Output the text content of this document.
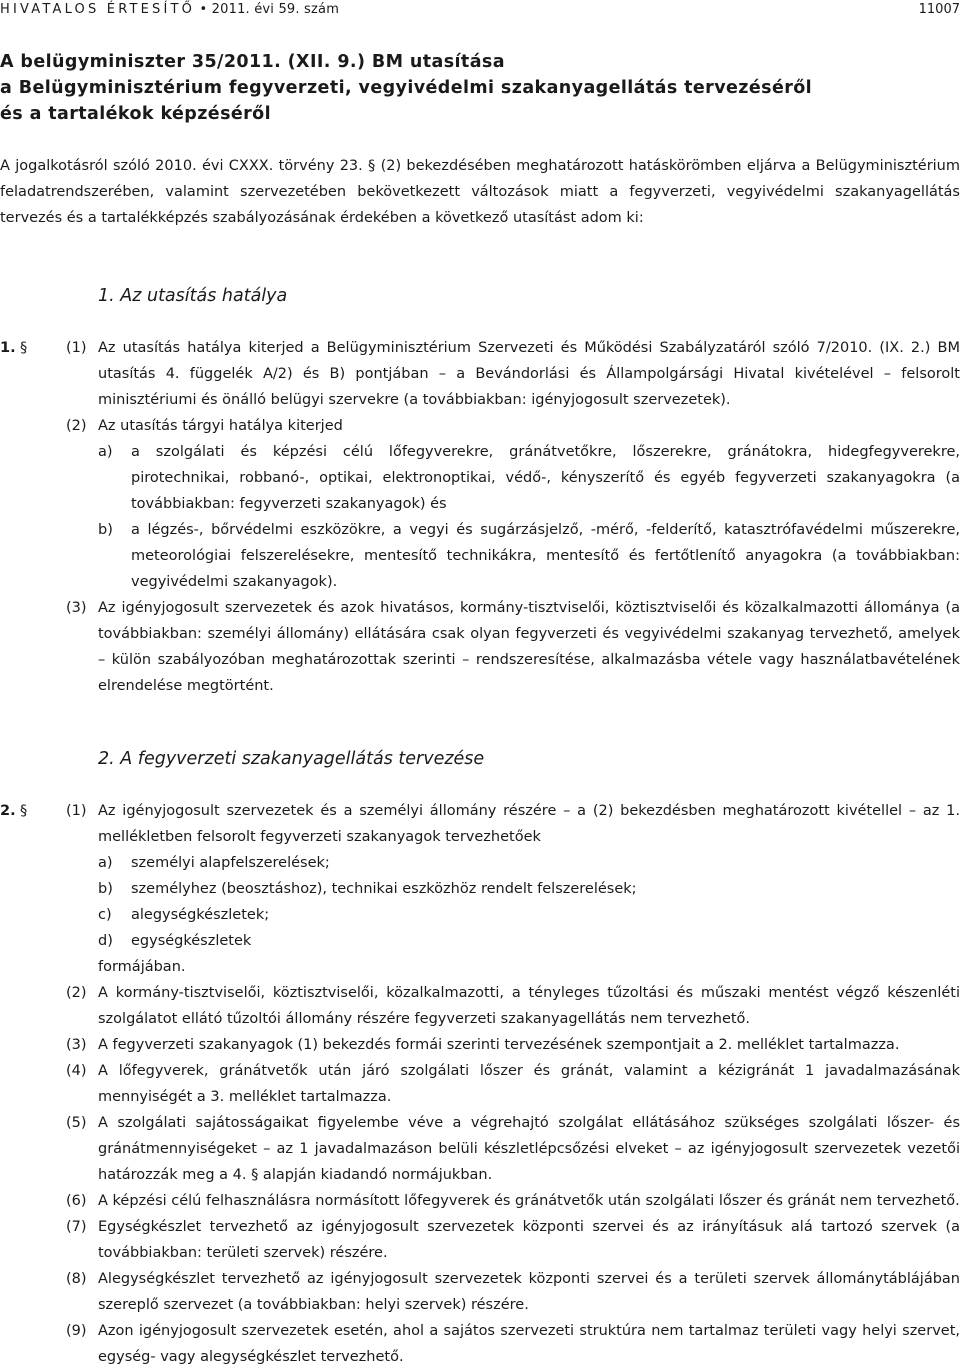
HIVATALOS ÉRTESÍTŐ • 2011. évi 59. szám	11007
A belügyminiszter 35/2011. (XII. 9.) BM utasítása
a Belügyminisztérium fegyverzeti, vegyivédelmi szakanyagellátás tervezéséről
és a tartalékok képzéséről

A jogalkotásról szóló 2010. évi CXXX. törvény 23. § (2) bekezdésében meghatározott hatáskörömben eljárva a Belügyminisztérium feladatrendszerében, valamint szervezetében bekövetkezett változások miatt a fegyverzeti, vegyivédelmi szakanyagellátás tervezés és a tartalékképzés szabályozásának érdekében a következő utasítást adom ki:

1. Az utasítás hatálya
1. §	(1) Az utasítás hatálya kiterjed a Belügyminisztérium Szervezeti és Működési Szabályzatáról szóló 7/2010. (IX. 2.) BM utasítás 4. függelék A/2) és B) pontjában – a Bevándorlási és Állampolgársági Hivatal kivételével – felsorolt minisztériumi és önálló belügyi szervekre (a továbbiakban: igényjogosult szervezetek).
(2) Az utasítás tárgyi hatálya kiterjed
a) a szolgálati és képzési célú lőfegyverekre, gránátvetőkre, lőszerekre, gránátokra, hidegfegyverekre, pirotechnikai, robbanó-, optikai, elektronoptikai, védő-, kényszerítő és egyéb fegyverzeti szakanyagokra (a továbbiakban: fegyverzeti szakanyagok) és
b) a légzés-, bőrvédelmi eszközökre, a vegyi és sugárzásjelző, -mérő, -felderítő, katasztrófavédelmi műszerekre, meteorológiai felszerelésekre, mentesítő technikákra, mentesítő és fertőtlenítő anyagokra (a továbbiakban: vegyivédelmi szakanyagok).
(3) Az igényjogosult szervezetek és azok hivatásos, kormány-tisztviselői, köztisztviselői és közalkalmazotti állománya (a továbbiakban: személyi állomány) ellátására csak olyan fegyverzeti és vegyivédelmi szakanyag tervezhető, amelyek – külön szabályozóban meghatározottak szerinti – rendszeresítése, alkalmazásba vétele vagy használatbavételének elrendelése megtörtént.
2. A fegyverzeti szakanyagellátás tervezése
2. §	(1) Az igényjogosult szervezetek és a személyi állomány részére – a (2) bekezdésben meghatározott kivétellel – az 1. mellékletben felsorolt fegyverzeti szakanyagok tervezhetőek
a) személyi alapfelszerelések;
b) személyhez (beosztáshoz), technikai eszközhöz rendelt felszerelések;
c) alegységkészletek;
d) egységkészletek
formájában.
(2) A kormány-tisztviselői, köztisztviselői, közalkalmazotti, a tényleges tűzoltási és műszaki mentést végző készenléti szolgálatot ellátó tűzoltói állomány részére fegyverzeti szakanyagellátás nem tervezhető.
(3) A fegyverzeti szakanyagok (1) bekezdés formái szerinti tervezésének szempontjait a 2. melléklet tartalmazza.
(4) A lőfegyverek, gránátvetők után járó szolgálati lőszer és gránát, valamint a kézigránát 1 javadalmazásának mennyiségét a 3. melléklet tartalmazza.
(5) A szolgálati sajátosságaikat figyelembe véve a végrehajtó szolgálat ellátásához szükséges szolgálati lőszer- és gránátmennyiségeket – az 1 javadalmazáson belüli készletlépcsőzési elveket – az igényjogosult szervezetek vezetői határozzák meg a 4. § alapján kiadandó normájukban.
(6) A képzési célú felhasználásra normásított lőfegyverek és gránátvetők után szolgálati lőszer és gránát nem tervezhető.
(7) Egységkészlet tervezhető az igényjogosult szervezetek központi szervei és az irányításuk alá tartozó szervek (a továbbiakban: területi szervek) részére.
(8) Alegységkészlet tervezhető az igényjogosult szervezetek központi szervei és a területi szervek állománytáblájában szereplő szervezet (a továbbiakban: helyi szervek) részére.
(9) Azon igényjogosult szervezetek esetén, ahol a sajátos szervezeti struktúra nem tartalmaz területi vagy helyi szervet, egység- vagy alegységkészlet tervezhető.
